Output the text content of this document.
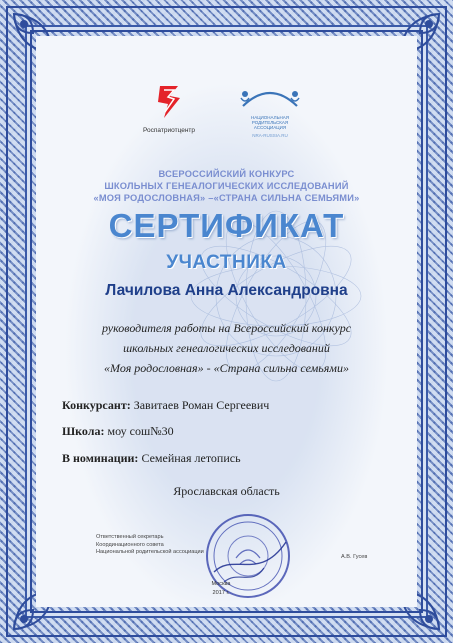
Роспатриотцентр
НАЦИОНАЛЬНАЯ
РОДИТЕЛЬСКАЯ
АССОЦИАЦИЯ
NRA-RUSSIA.RU
ВСЕРОССИЙСКИЙ КОНКУРС
ШКОЛЬНЫХ ГЕНЕАЛОГИЧЕСКИХ ИССЛЕДОВАНИЙ
«МОЯ РОДОСЛОВНАЯ» –«СТРАНА СИЛЬНА СЕМЬЯМИ»
СЕРТИФИКАТ
УЧАСТНИКА
Лачилова Анна Александровна
руководителя работы на Всероссийский конкурс
школьных генеалогических исследований
«Моя родословная» - «Страна сильна семьями»
Конкурсант: Завитаев Роман Сергеевич
Школа: моу сош№30
В номинации: Семейная летопись
Ярославская область
Ответственный секретарь
Координационного совета
Национальной родительской ассоциации
А.В. Гусев
Москва
2017 г.
